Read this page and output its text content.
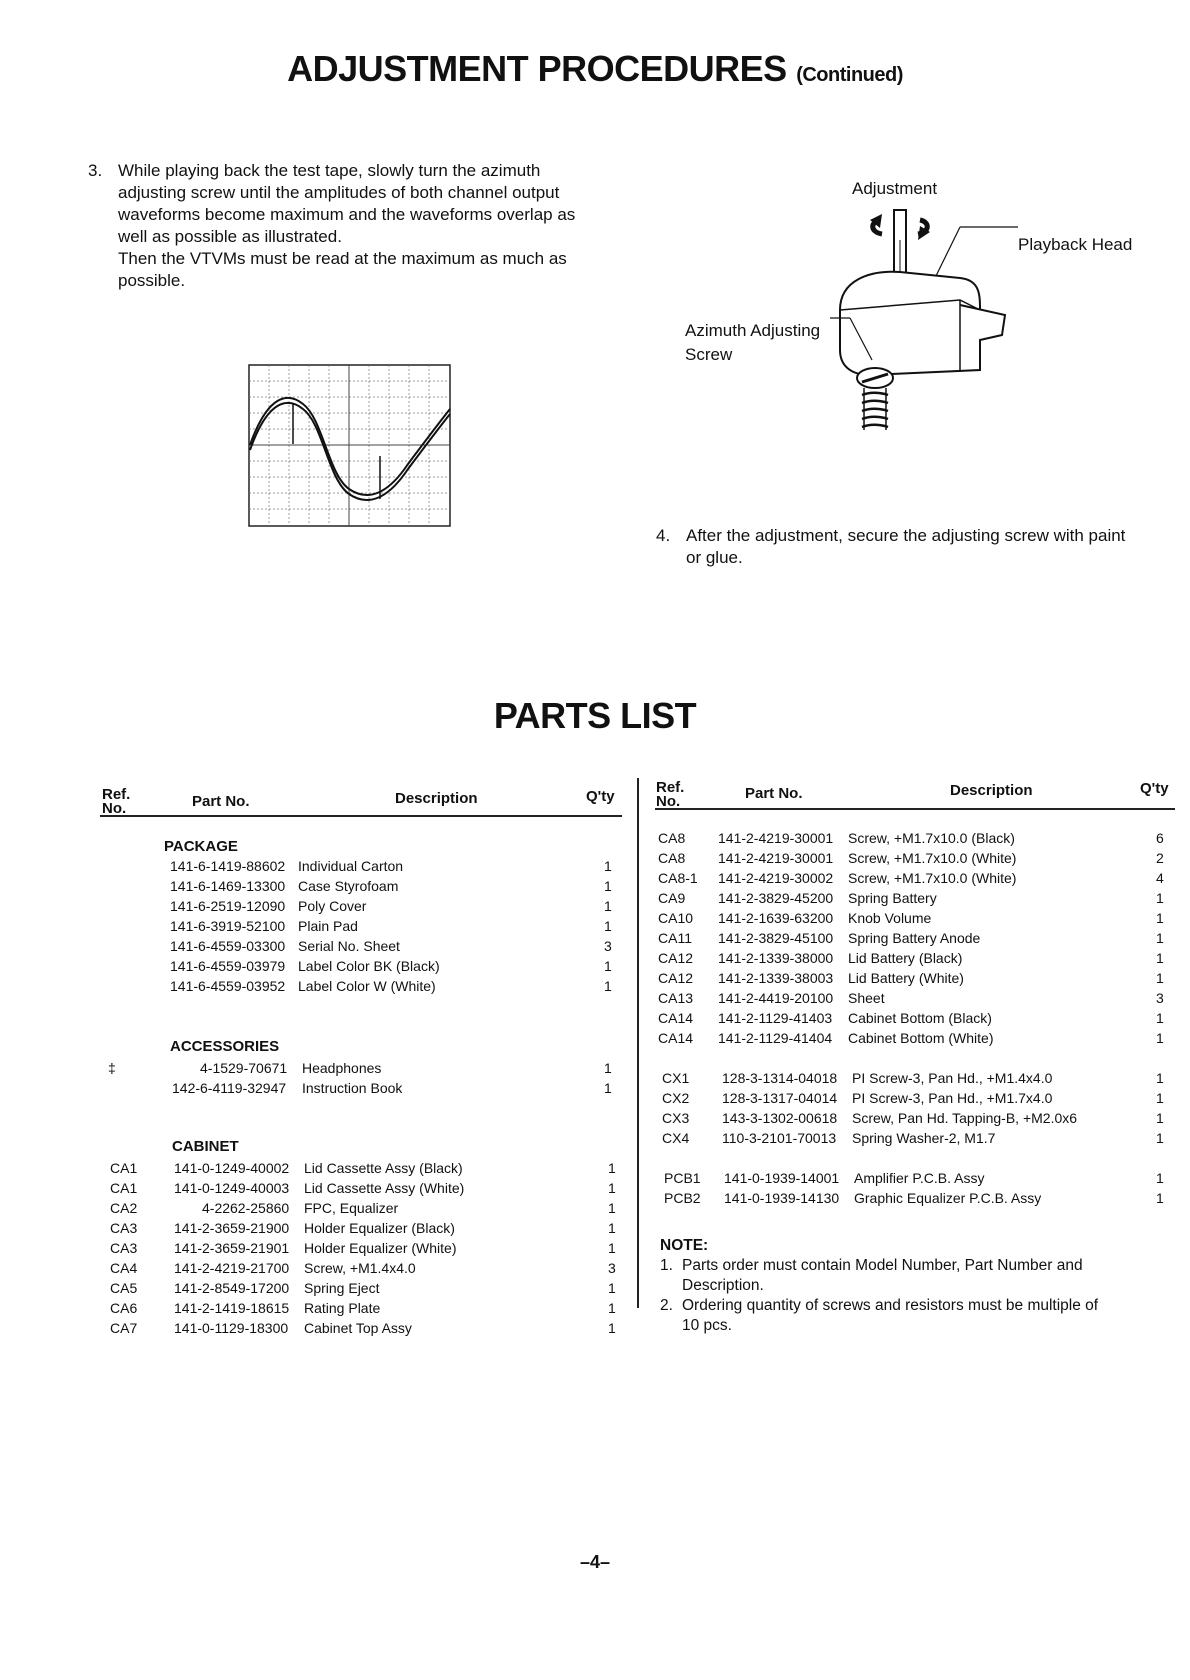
ADJUSTMENT PROCEDURES (Continued)
3. While playing back the test tape, slowly turn the azimuth

adjusting screw until the amplitudes of both channel output

waveforms become maximum and the waveforms overlap as

well as possible as illustrated.

Then the VTVMs must be read at the maximum as much as

possible.

Adjustment
Playback Head
Azimuth Adjusting
Screw
4. After the adjustment, secure the adjusting screw with paint

or glue.

PARTS LIST
Ref.
No.	Part No.	Description	Q'ty
Ref.
No.	Part No.	Description	Q'ty
PACKAGE
141-6-1419-88602 Individual Carton	1
141-6-1469-13300 Case Styrofoam	1
141-6-2519-12090 Poly Cover	1
141-6-3919-52100 Plain Pad	1
141-6-4559-03300 Serial No. Sheet	3
141-6-4559-03979 Label Color BK (Black)	1
141-6-4559-03952 Label Color W (White)	1
ACCESSORIES
‡	4-1529-70671 Headphones	1
142-6-4119-32947 Instruction Book	1
CABINET
CA1	141-0-1249-40002 Lid Cassette Assy (Black)	1
CA1	141-0-1249-40003 Lid Cassette Assy (White)	1
CA2	4-2262-25860 FPC, Equalizer	1
CA3	141-2-3659-21900 Holder Equalizer (Black)	1
CA3	141-2-3659-21901 Holder Equalizer (White)	1
CA4	141-2-4219-21700 Screw, +M1.4x4.0	3
CA5	141-2-8549-17200 Spring Eject	1
CA6	141-2-1419-18615 Rating Plate	1
CA7	141-0-1129-18300 Cabinet Top Assy	1
CA8 141-2-4219-30001 Screw, +M1.7x10.0 (Black)	6
CA8 141-2-4219-30001 Screw, +M1.7x10.0 (White)	2
CA8-1 141-2-4219-30002 Screw, +M1.7x10.0 (White)	4
CA9 141-2-3829-45200 Spring Battery	1
CA10 141-2-1639-63200 Knob Volume	1
CA11 141-2-3829-45100 Spring Battery Anode	1
CA12 141-2-1339-38000 Lid Battery (Black)	1
CA12 141-2-1339-38003 Lid Battery (White)	1
CA13 141-2-4419-20100 Sheet	3
CA14 141-2-1129-41403 Cabinet Bottom (Black)	1
CA14 141-2-1129-41404 Cabinet Bottom (White)	1
CX1 128-3-1314-04018 PI Screw-3, Pan Hd., +M1.4x4.0	1
CX2 128-3-1317-04014 PI Screw-3, Pan Hd., +M1.7x4.0	1
CX3 143-3-1302-00618 Screw, Pan Hd. Tapping-B, +M2.0x6	1
CX4 110-3-2101-70013 Spring Washer-2, M1.7	1
PCB1 141-0-1939-14001 Amplifier P.C.B. Assy	1
PCB2 141-0-1939-14130 Graphic Equalizer P.C.B. Assy	1
NOTE:
1. Parts order must contain Model Number, Part Number and
Description.
2. Ordering quantity of screws and resistors must be multiple of
10 pcs.
–4–
